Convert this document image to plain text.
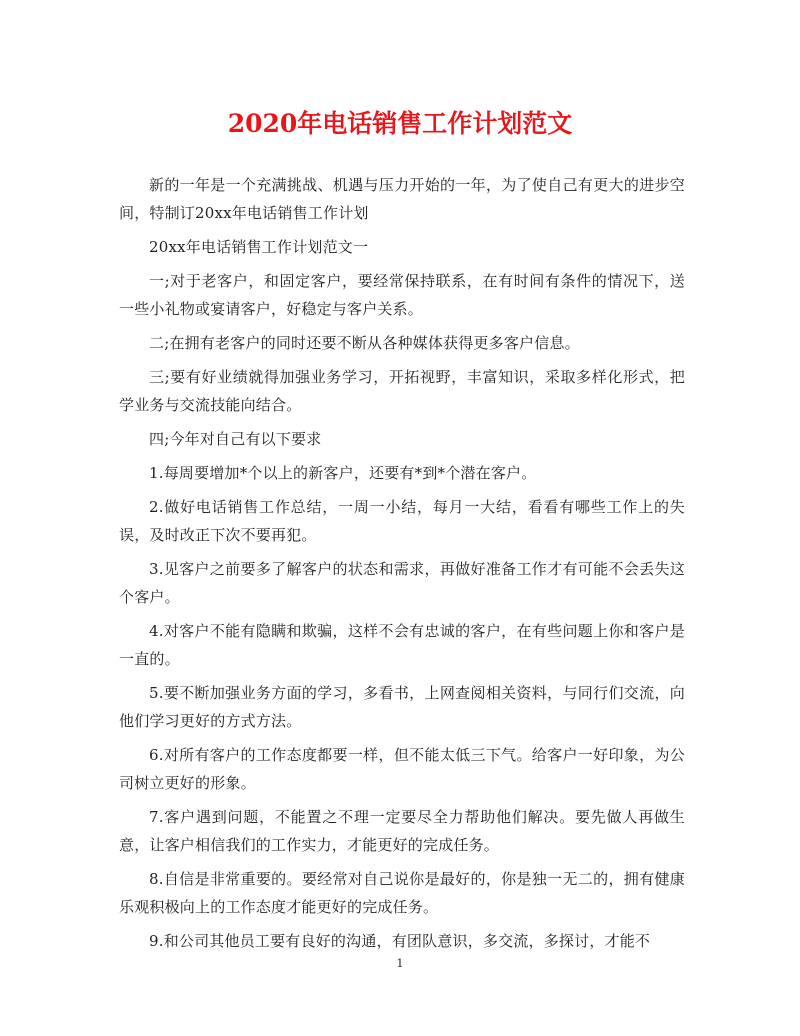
2020年电话销售工作计划范文

新的一年是一个充满挑战、机遇与压力开始的一年，为了使自己有更大的进步空间，特制订20xx年电话销售工作计划

20xx年电话销售工作计划范文一

一;对于老客户，和固定客户，要经常保持联系，在有时间有条件的情况下，送一些小礼物或宴请客户，好稳定与客户关系。

二;在拥有老客户的同时还要不断从各种媒体获得更多客户信息。

三;要有好业绩就得加强业务学习，开拓视野，丰富知识，采取多样化形式，把学业务与交流技能向结合。

四;今年对自己有以下要求

1.每周要增加*个以上的新客户，还要有*到*个潜在客户。

2.做好电话销售工作总结，一周一小结，每月一大结，看看有哪些工作上的失误，及时改正下次不要再犯。

3.见客户之前要多了解客户的状态和需求，再做好准备工作才有可能不会丢失这个客户。

4.对客户不能有隐瞒和欺骗，这样不会有忠诚的客户，在有些问题上你和客户是一直的。

5.要不断加强业务方面的学习，多看书，上网查阅相关资料，与同行们交流，向他们学习更好的方式方法。

6.对所有客户的工作态度都要一样，但不能太低三下气。给客户一好印象，为公司树立更好的形象。

7.客户遇到问题，不能置之不理一定要尽全力帮助他们解决。要先做人再做生意，让客户相信我们的工作实力，才能更好的完成任务。

8.自信是非常重要的。要经常对自己说你是最好的，你是独一无二的，拥有健康乐观积极向上的工作态度才能更好的完成任务。

9.和公司其他员工要有良好的沟通，有团队意识，多交流，多探讨，才能不

1
